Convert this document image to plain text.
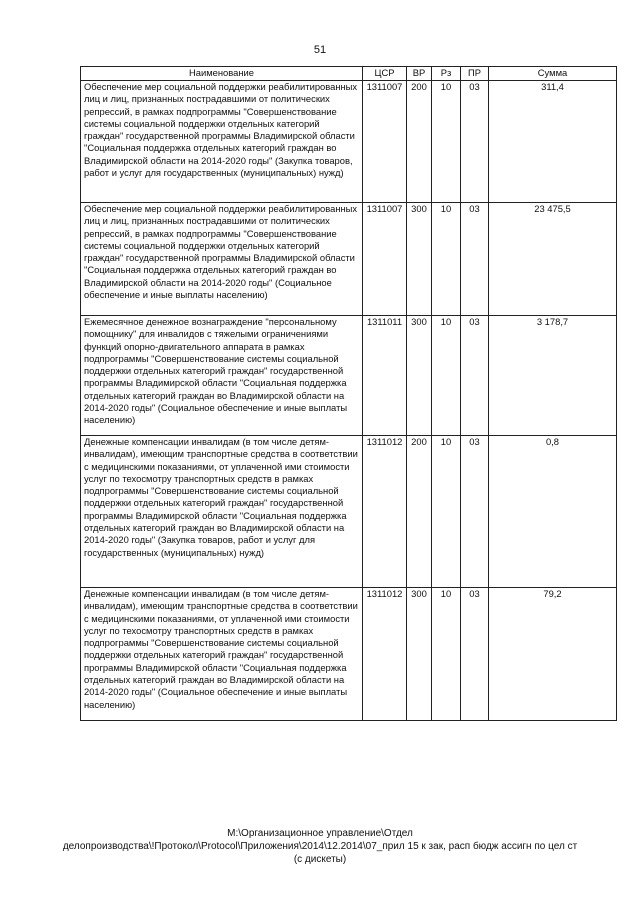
51
Наименование	ЦСР	ВР	Рз	ПР	Сумма
Обеспечение мер социальной поддержки реабилитированных лиц и лиц, признанных пострадавшими от политических репрессий, в рамках подпрограммы "Совершенствование системы социальной поддержки отдельных категорий граждан" государственной программы Владимирской области "Социальная поддержка отдельных категорий граждан во Владимирской области на 2014-2020 годы" (Закупка товаров, работ и услуг для государственных (муниципальных) нужд)	1311007	200	10	03	311,4
Обеспечение мер социальной поддержки реабилитированных лиц и лиц, признанных пострадавшими от политических репрессий, в рамках подпрограммы "Совершенствование системы социальной поддержки отдельных категорий граждан" государственной программы Владимирской области "Социальная поддержка отдельных категорий граждан во Владимирской области на 2014-2020 годы" (Социальное обеспечение и иные выплаты населению)	1311007	300	10	03	23 475,5
Ежемесячное денежное вознаграждение "персональному помощнику" для инвалидов с тяжелыми ограничениями функций опорно-двигательного аппарата в рамках подпрограммы "Совершенствование системы социальной поддержки отдельных категорий граждан" государственной программы Владимирской области "Социальная поддержка отдельных категорий граждан во Владимирской области на 2014-2020 годы" (Социальное обеспечение и иные выплаты населению)	1311011	300	10	03	3 178,7
Денежные компенсации инвалидам (в том числе детям-инвалидам), имеющим транспортные средства в соответствии с медицинскими показаниями, от уплаченной ими стоимости услуг по техосмотру транспортных средств в рамках подпрограммы "Совершенствование системы социальной поддержки отдельных категорий граждан" государственной программы Владимирской области "Социальная поддержка отдельных категорий граждан во Владимирской области на 2014-2020 годы" (Закупка товаров, работ и услуг для государственных (муниципальных) нужд)	1311012	200	10	03	0,8
Денежные компенсации инвалидам (в том числе детям-инвалидам), имеющим транспортные средства в соответствии с медицинскими показаниями, от уплаченной ими стоимости услуг по техосмотру транспортных средств в рамках подпрограммы "Совершенствование системы социальной поддержки отдельных категорий граждан" государственной программы Владимирской области "Социальная поддержка отдельных категорий граждан во Владимирской области на 2014-2020 годы" (Социальное обеспечение и иные выплаты населению)	1311012	300	10	03	79,2
M:\Организационное управление\Отдел
делопроизводства\!Протокол\Protocol\Приложения\2014\12.2014\07_прил 15 к зак, расп бюдж ассигн по цел ст
(с дискеты)
